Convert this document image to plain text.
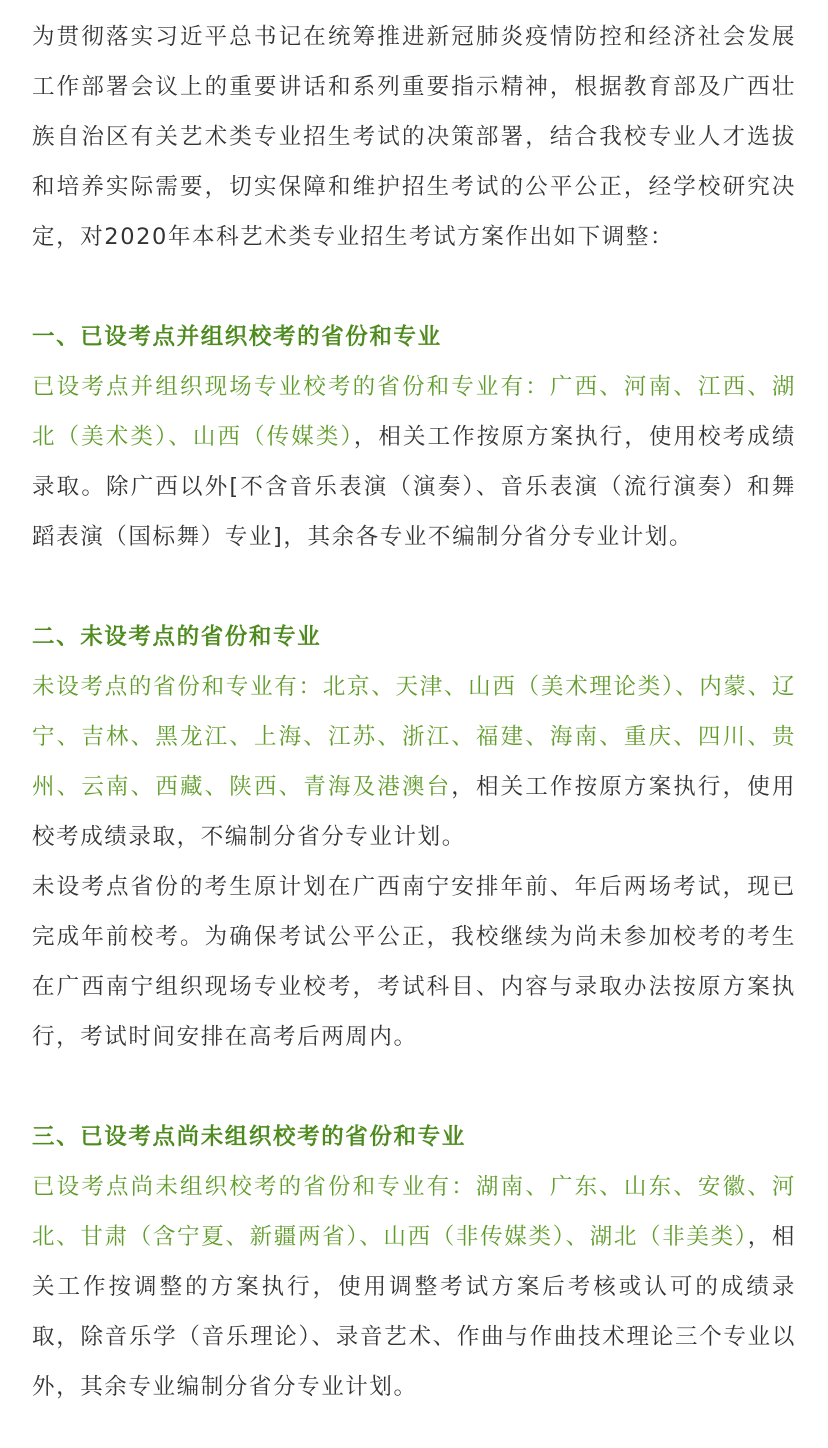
为贯彻落实习近平总书记在统筹推进新冠肺炎疫情防控和经济社会发展工作部署会议上的重要讲话和系列重要指示精神，根据教育部及广西壮族自治区有关艺术类专业招生考试的决策部署，结合我校专业人才选拔和培养实际需要，切实保障和维护招生考试的公平公正，经学校研究决定，对2020年本科艺术类专业招生考试方案作出如下调整：

一、已设考点并组织校考的省份和专业

已设考点并组织现场专业校考的省份和专业有：广西、河南、江西、湖北（美术类）、山西（传媒类），相关工作按原方案执行，使用校考成绩录取。除广西以外[不含音乐表演（演奏）、音乐表演（流行演奏）和舞蹈表演（国标舞）专业]，其余各专业不编制分省分专业计划。

二、未设考点的省份和专业

未设考点的省份和专业有：北京、天津、山西（美术理论类）、内蒙、辽宁、吉林、黑龙江、上海、江苏、浙江、福建、海南、重庆、四川、贵州、云南、西藏、陕西、青海及港澳台，相关工作按原方案执行，使用校考成绩录取，不编制分省分专业计划。

未设考点省份的考生原计划在广西南宁安排年前、年后两场考试，现已完成年前校考。为确保考试公平公正，我校继续为尚未参加校考的考生在广西南宁组织现场专业校考，考试科目、内容与录取办法按原方案执行，考试时间安排在高考后两周内。

三、已设考点尚未组织校考的省份和专业

已设考点尚未组织校考的省份和专业有：湖南、广东、山东、安徽、河北、甘肃（含宁夏、新疆两省）、山西（非传媒类）、湖北（非美类），相关工作按调整的方案执行，使用调整考试方案后考核或认可的成绩录取，除音乐学（音乐理论）、录音艺术、作曲与作曲技术理论三个专业以外，其余专业编制分省分专业计划。
